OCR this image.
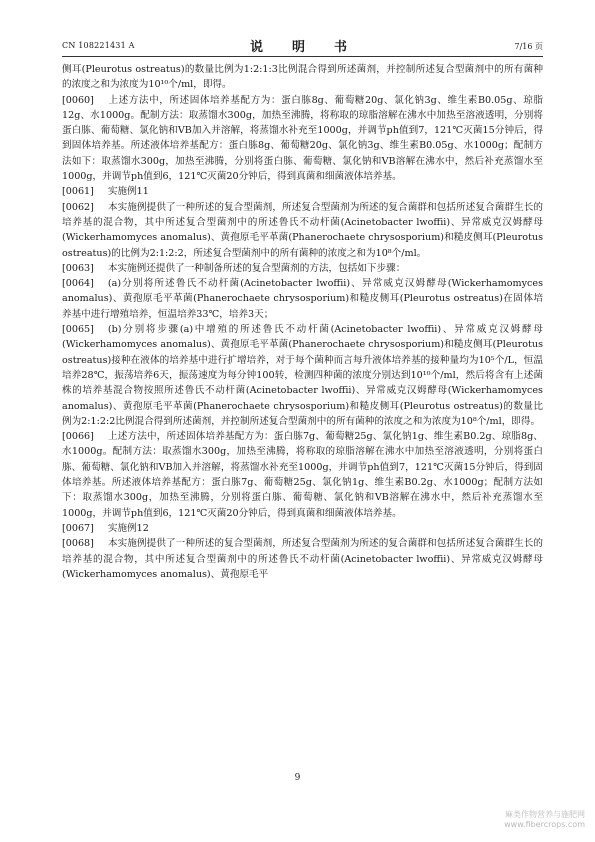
CN 108221431 A	说　明　书	7/16 页

侧耳(Pleurotus ostreatus)的数量比例为1:2:1:3比例混合得到所述菌剂，并控制所述复合型菌剂中的所有菌种的浓度之和为浓度为10¹⁰个/ml，即得。

[0060] 上述方法中，所述固体培养基配方为：蛋白胨8g、葡萄糖20g、氯化钠3g、维生素B0.05g、琼脂12g、水1000g。配制方法：取蒸馏水300g，加热至沸腾，将称取的琼脂溶解在沸水中加热至溶液透明，分别将蛋白胨、葡萄糖、氯化钠和VB加入并溶解，将蒸馏水补充至1000g，并调节ph值到7，121℃灭菌15分钟后，得到固体培养基。所述液体培养基配方：蛋白胨8g、葡萄糖20g、氯化钠3g、维生素B0.05g、水1000g；配制方法如下：取蒸馏水300g，加热至沸腾，分别将蛋白胨、葡萄糖、氯化钠和VB溶解在沸水中，然后补充蒸馏水至1000g，并调节ph值到6，121℃灭菌20分钟后，得到真菌和细菌液体培养基。

[0061] 实施例11

[0062] 本实施例提供了一种所述的复合型菌剂，所述复合型菌剂为所述的复合菌群和包括所述复合菌群生长的培养基的混合物，其中所述复合型菌剂中的所述鲁氏不动杆菌(Acinetobacter lwoffii)、异常威克汉姆酵母(Wickerhamomyces anomalus)、黄孢原毛平革菌(Phanerochaete chrysosporium)和糙皮侧耳(Pleurotus ostreatus)的比例为2:1:2:2，所述复合型菌剂中的所有菌种的浓度之和为10⁸个/ml。

[0063] 本实施例还提供了一种制备所述的复合型菌剂的方法，包括如下步骤：

[0064] (a)分别将所述鲁氏不动杆菌(Acinetobacter lwoffii)、异常威克汉姆酵母(Wickerhamomyces anomalus)、黄孢原毛平革菌(Phanerochaete chrysosporium)和糙皮侧耳(Pleurotus ostreatus)在固体培养基中进行增殖培养，恒温培养33℃，培养3天；

[0065] (b)分别将步骤(a)中增殖的所述鲁氏不动杆菌(Acinetobacter lwoffii)、异常威克汉姆酵母(Wickerhamomyces anomalus)、黄孢原毛平革菌(Phanerochaete chrysosporium)和糙皮侧耳(Pleurotus ostreatus)接种在液体的培养基中进行扩增培养，对于每个菌种而言每升液体培养基的接种量均为10⁵个/L，恒温培养28℃，振荡培养6天，振荡速度为每分钟100转，检测四种菌的浓度分别达到10¹⁰个/ml，然后将含有上述菌株的培养基混合物按照所述鲁氏不动杆菌(Acinetobacter lwoffii)、异常威克汉姆酵母(Wickerhamomyces anomalus)、黄孢原毛平革菌(Phanerochaete chrysosporium)和糙皮侧耳(Pleurotus ostreatus)的数量比例为2:1:2:2比例混合得到所述菌剂，并控制所述复合型菌剂中的所有菌种的浓度之和为浓度为10⁸个/ml，即得。

[0066] 上述方法中，所述固体培养基配方为：蛋白胨7g、葡萄糖25g、氯化钠1g、维生素B0.2g、琼脂8g、水1000g。配制方法：取蒸馏水300g，加热至沸腾，将称取的琼脂溶解在沸水中加热至溶液透明，分别将蛋白胨、葡萄糖、氯化钠和VB加入并溶解，将蒸馏水补充至1000g，并调节ph值到7，121℃灭菌15分钟后，得到固体培养基。所述液体培养基配方：蛋白胨7g、葡萄糖25g、氯化钠1g、维生素B0.2g、水1000g；配制方法如下：取蒸馏水300g，加热至沸腾，分别将蛋白胨、葡萄糖、氯化钠和VB溶解在沸水中，然后补充蒸馏水至1000g，并调节ph值到6，121℃灭菌20分钟后，得到真菌和细菌液体培养基。

[0067] 实施例12

[0068] 本实施例提供了一种所述的复合型菌剂，所述复合型菌剂为所述的复合菌群和包括所述复合菌群生长的培养基的混合物，其中所述复合型菌剂中的所述鲁氏不动杆菌(Acinetobacter lwoffii)、异常威克汉姆酵母(Wickerhamomyces anomalus)、黄孢原毛平

9
麻类作物营养与施肥网
www.fibercrops.com
